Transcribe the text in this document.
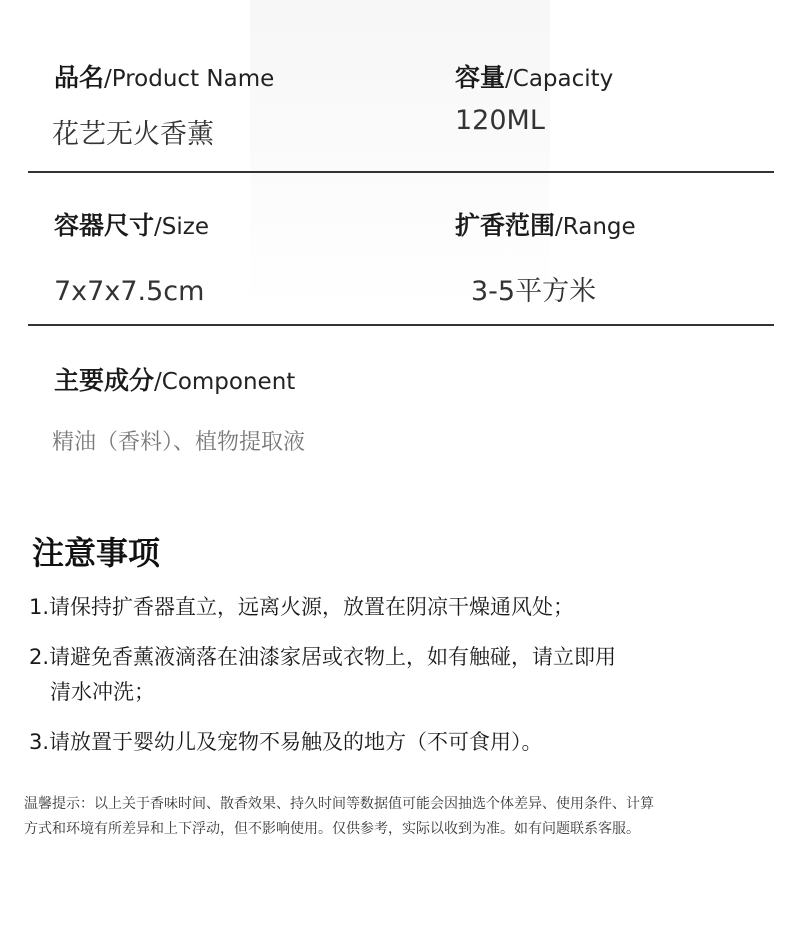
品名/Product Name
花艺无火香薰
容量/Capacity
120ML
容器尺寸/Size
7x7x7.5cm
扩香范围/Range
3-5平方米
主要成分/Component
精油（香料）、植物提取液
注意事项
1.请保持扩香器直立，远离火源，放置在阴凉干燥通风处；
2.请避免香薰液滴落在油漆家居或衣物上，如有触碰，请立即用
清水冲洗；
3.请放置于婴幼儿及宠物不易触及的地方（不可食用）。
温馨提示：以上关于香味时间、散香效果、持久时间等数据值可能会因抽选个体差异、使用条件、计算
方式和环境有所差异和上下浮动，但不影响使用。仅供参考，实际以收到为准。如有问题联系客服。
